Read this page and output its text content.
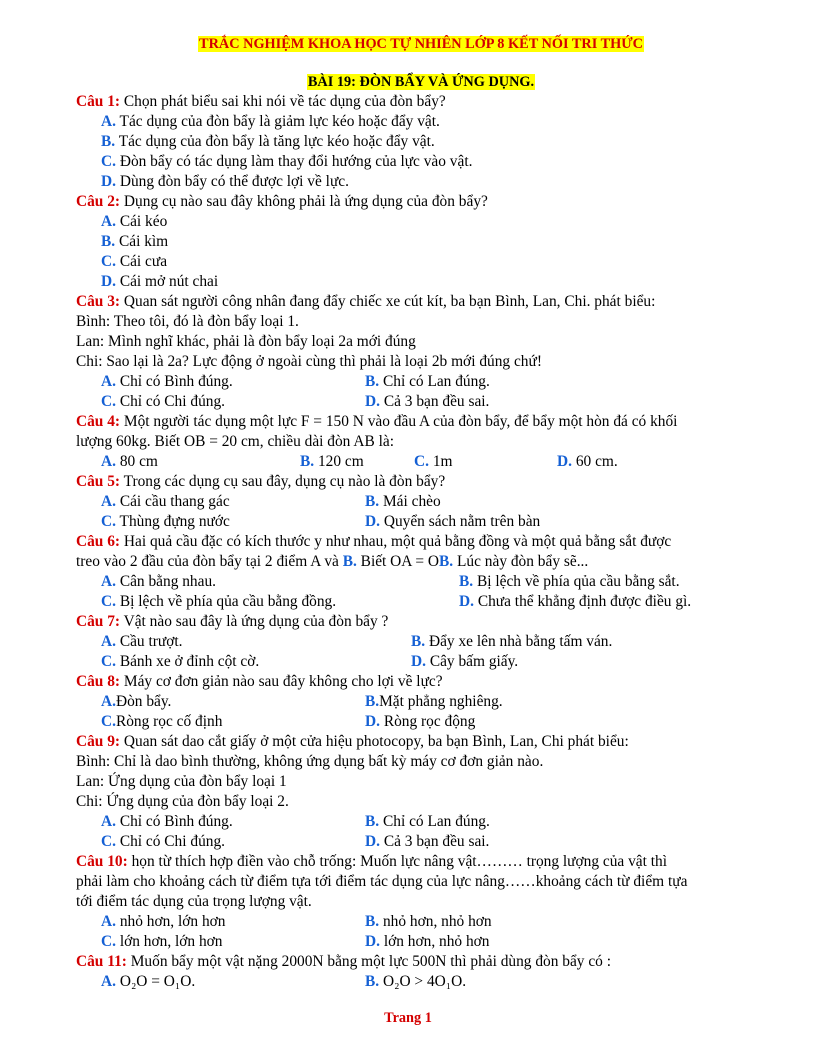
TRẮC NGHIỆM KHOA HỌC TỰ NHIÊN LỚP 8 KẾT NỐI TRI THỨC
BÀI 19: ĐÒN BẨY VÀ ỨNG DỤNG.
Câu 1: Chọn phát biểu sai khi nói về tác dụng của đòn bẩy?
A. Tác dụng của đòn bẩy là giảm lực kéo hoặc đẩy vật.
B. Tác dụng của đòn bẩy là tăng lực kéo hoặc đẩy vật.
C. Đòn bẩy có tác dụng làm thay đổi hướng của lực vào vật.
D. Dùng đòn bẩy có thể được lợi về lực.
Câu 2: Dụng cụ nào sau đây không phải là ứng dụng của đòn bẩy?
A. Cái kéo
B. Cái kìm
C. Cái cưa
D. Cái mở nút chai
Câu 3: Quan sát người công nhân đang đẩy chiếc xe cút kít, ba bạn Bình, Lan, Chi. phát biểu:
Bình: Theo tôi, đó là đòn bẩy loại 1.
Lan: Mình nghĩ khác, phải là đòn bẩy loại 2a mới đúng
Chi: Sao lại là 2a? Lực động ở ngoài cùng thì phải là loại 2b mới đúng chứ!
A. Chỉ có Bình đúng.	B. Chỉ có Lan đúng.
C. Chỉ có Chi đúng.	D. Cả 3 bạn đều sai.
Câu 4: Một người tác dụng một lực F = 150 N vào đầu A của đòn bẩy, để bẩy một hòn đá có khối
lượng 60kg. Biết OB = 20 cm, chiều dài đòn AB là:
A. 80 cm	B. 120 cm	C. 1m	D. 60 cm.
Câu 5: Trong các dụng cụ sau đây, dụng cụ nào là đòn bẩy?
A. Cái cầu thang gác	B. Mái chèo
C. Thùng đựng nước	D. Quyển sách nằm trên bàn
Câu 6: Hai quả cầu đặc có kích thước y như nhau, một quả bằng đồng và một quả bằng sắt được
treo vào 2 đầu của đòn bẩy tại 2 điểm A và B. Biết OA = OB. Lúc này đòn bẩy sẽ...
A. Cân bằng nhau.	B. Bị lệch về phía qủa cầu bằng sắt.
C. Bị lệch về phía qủa cầu bằng đồng.	D. Chưa thể khẳng định được điều gì.
Câu 7: Vật nào sau đây là ứng dụng của đòn bẩy ?
A. Cầu trượt.	B. Đẩy xe lên nhà bằng tấm ván.
C. Bánh xe ở đỉnh cột cờ.	D. Cây bấm giấy.
Câu 8: Máy cơ đơn giản nào sau đây không cho lợi về lực?
A.Đòn bẩy.	B.Mặt phẳng nghiêng.
C.Ròng rọc cố định	D. Ròng rọc động
Câu 9: Quan sát dao cắt giấy ở một cửa hiệu photocopy, ba bạn Bình, Lan, Chi phát biểu:
Bình: Chỉ là dao bình thường, không ứng dụng bất kỳ máy cơ đơn giản nào.
Lan: Ứng dụng của đòn bẩy loại 1
Chi: Ứng dụng của đòn bẩy loại 2.
A. Chỉ có Bình đúng.	B. Chỉ có Lan đúng.
C. Chỉ có Chi đúng.	D. Cả 3 bạn đều sai.
Câu 10: họn từ thích hợp điền vào chỗ trống: Muốn lực nâng vật……… trọng lượng của vật thì
phải làm cho khoảng cách từ điểm tựa tới điểm tác dụng của lực nâng……khoảng cách từ điểm tựa
tới điểm tác dụng của trọng lượng vật.
A. nhỏ hơn, lớn hơn	B. nhỏ hơn, nhỏ hơn
C. lớn hơn, lớn hơn	D. lớn hơn, nhỏ hơn
Câu 11: Muốn bẩy một vật nặng 2000N bằng một lực 500N thì phải dùng đòn bẩy có :
A. O₂O = O₁O.	B. O₂O > 4O₁O.
Trang 1
